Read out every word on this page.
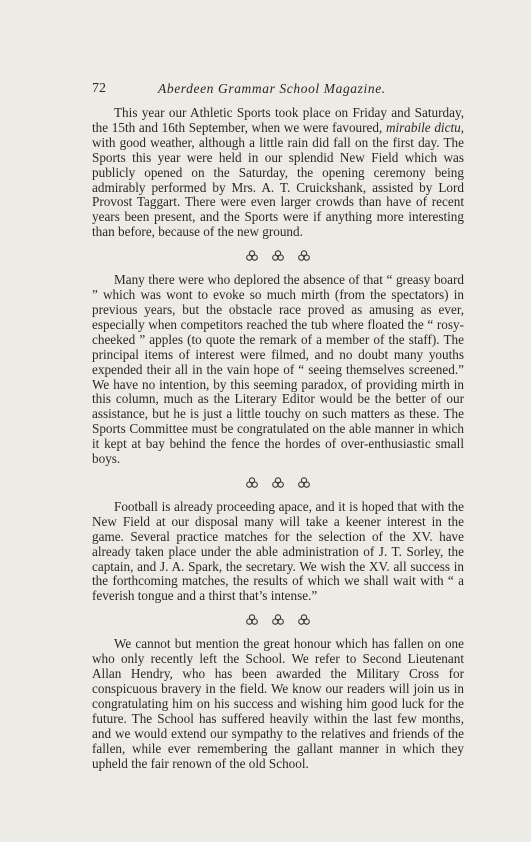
72	Aberdeen Grammar School Magazine.

This year our Athletic Sports took place on Friday and Saturday, the 15th and 16th September, when we were favoured, mirabile dictu, with good weather, although a little rain did fall on the first day. The Sports this year were held in our splendid New Field which was publicly opened on the Saturday, the opening ceremony being admirably performed by Mrs. A. T. Cruickshank, assisted by Lord Provost Taggart. There were even larger crowds than have of recent years been present, and the Sports were if anything more interesting than before, because of the new ground.

Many there were who deplored the absence of that “ greasy board ” which was wont to evoke so much mirth (from the spectators) in previous years, but the obstacle race proved as amusing as ever, especially when competitors reached the tub where floated the “ rosy-cheeked ” apples (to quote the remark of a member of the staff). The principal items of interest were filmed, and no doubt many youths expended their all in the vain hope of “ seeing themselves screened.” We have no intention, by this seeming paradox, of providing mirth in this column, much as the Literary Editor would be the better of our assistance, but he is just a little touchy on such matters as these. The Sports Committee must be congratulated on the able manner in which it kept at bay behind the fence the hordes of over-enthusiastic small boys.

Football is already proceeding apace, and it is hoped that with the New Field at our disposal many will take a keener interest in the game. Several practice matches for the selection of the XV. have already taken place under the able administration of J. T. Sorley, the captain, and J. A. Spark, the secretary. We wish the XV. all success in the forthcoming matches, the results of which we shall wait with “ a feverish tongue and a thirst that’s intense.”

We cannot but mention the great honour which has fallen on one who only recently left the School. We refer to Second Lieutenant Allan Hendry, who has been awarded the Military Cross for conspicuous bravery in the field. We know our readers will join us in congratulating him on his success and wishing him good luck for the future. The School has suffered heavily within the last few months, and we would extend our sympathy to the relatives and friends of the fallen, while ever remembering the gallant manner in which they upheld the fair renown of the old School.
